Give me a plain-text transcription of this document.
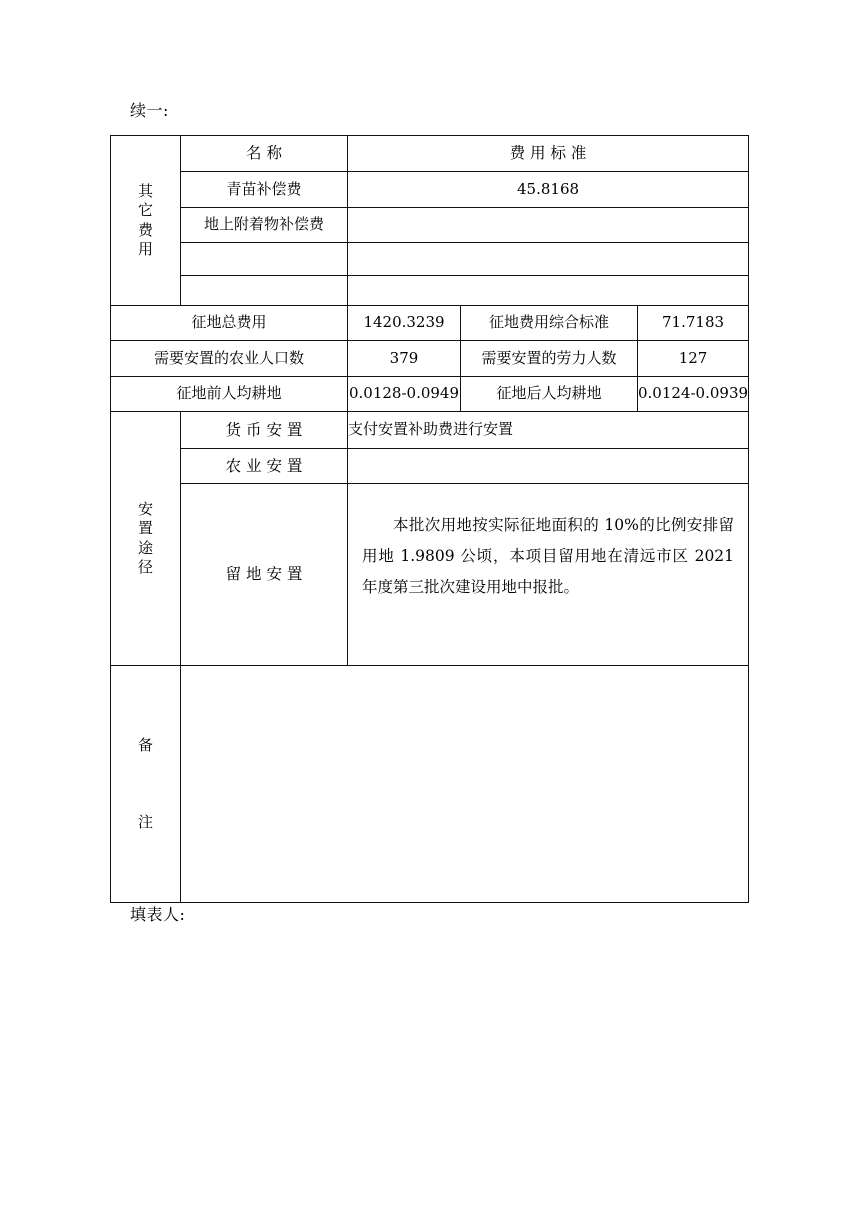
续一:
其
它
费
用	名 称	费 用 标 准		

	青苗补偿费	45.8168		
	地上附着物补偿费			

征地总费用		1420.3239	征地费用综合标准	71.7183
需要安置的农业人口数		379	需要安置的劳力人数	127
征地前人均耕地		0.0128-0.0949	征地后人均耕地	0.0124-0.0939

安
置
途
径	货 币 安 置	支付安置补助费进行安置		

农 业 安 置			

留 地 安 置	本批次用地按实际征地面积的 10%的比例安排留用地 1.9809 公顷，本项目留用地在清远市区 2021 年度第三批次建设用地中报批。		

备
注				

填表人:
